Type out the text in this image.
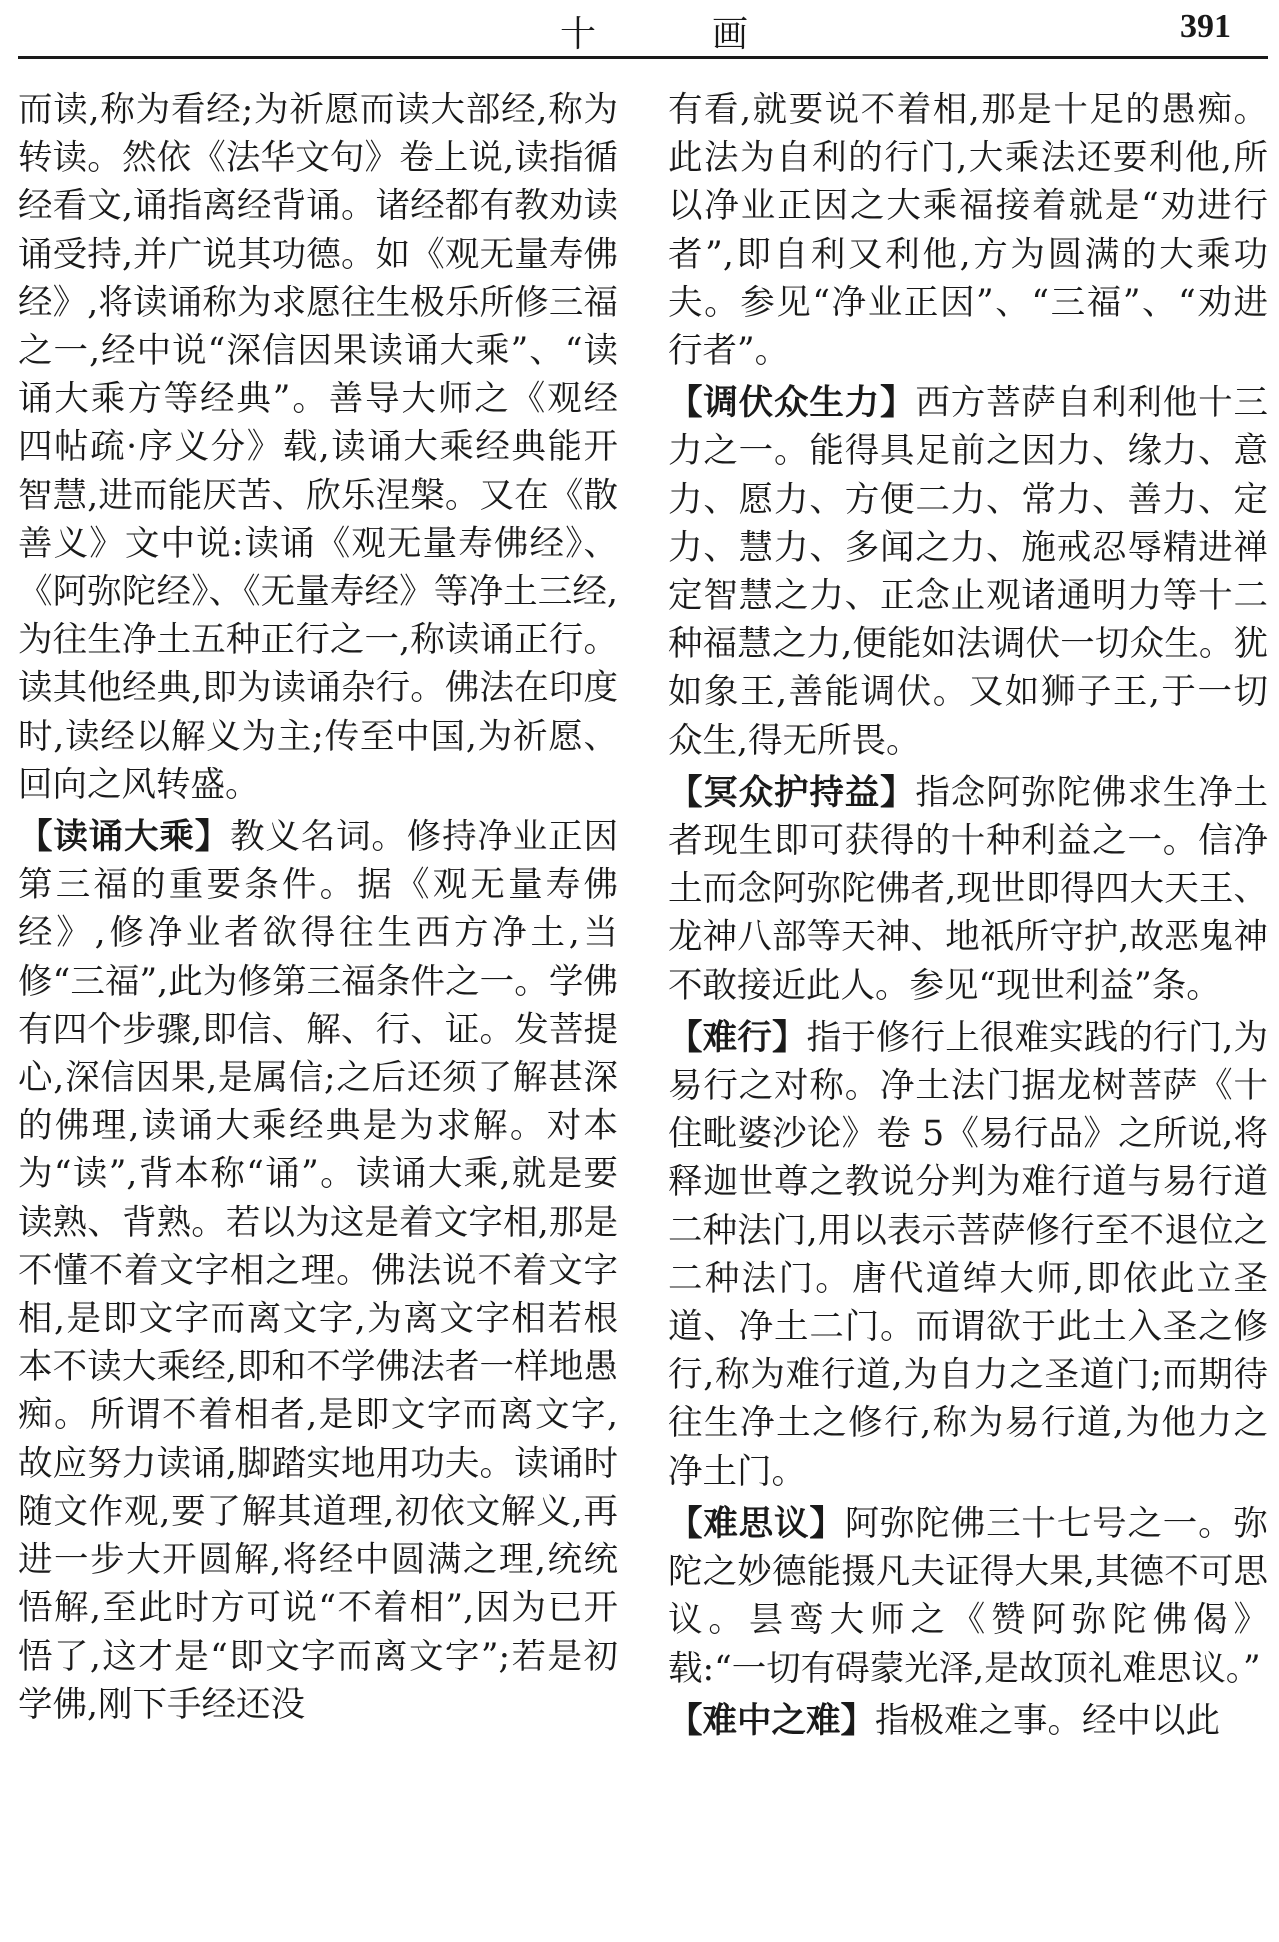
十　画	391

而读,称为看经;为祈愿而读大部经,称为转读。然依《法华文句》卷上说,读指循经看文,诵指离经背诵。诸经都有教劝读诵受持,并广说其功德。如《观无量寿佛经》,将读诵称为求愿往生极乐所修三福之一,经中说“深信因果读诵大乘”、“读诵大乘方等经典”。善导大师之《观经四帖疏·序义分》载,读诵大乘经典能开智慧,进而能厌苦、欣乐涅槃。又在《散善义》文中说:读诵《观无量寿佛经》、《阿弥陀经》、《无量寿经》等净土三经,为往生净土五种正行之一,称读诵正行。读其他经典,即为读诵杂行。佛法在印度时,读经以解义为主;传至中国,为祈愿、回向之风转盛。

【读诵大乘】教义名词。修持净业正因第三福的重要条件。据《观无量寿佛经》,修净业者欲得往生西方净土,当修“三福”,此为修第三福条件之一。学佛有四个步骤,即信、解、行、证。发菩提心,深信因果,是属信;之后还须了解甚深的佛理,读诵大乘经典是为求解。对本为“读”,背本称“诵”。读诵大乘,就是要读熟、背熟。若以为这是着文字相,那是不懂不着文字相之理。佛法说不着文字相,是即文字而离文字,为离文字相若根本不读大乘经,即和不学佛法者一样地愚痴。所谓不着相者,是即文字而离文字,故应努力读诵,脚踏实地用功夫。读诵时随文作观,要了解其道理,初依文解义,再进一步大开圆解,将经中圆满之理,统统悟解,至此时方可说“不着相”,因为已开悟了,这才是“即文字而离文字”;若是初学佛,刚下手经还没

有看,就要说不着相,那是十足的愚痴。此法为自利的行门,大乘法还要利他,所以净业正因之大乘福接着就是“劝进行者”,即自利又利他,方为圆满的大乘功夫。参见“净业正因”、“三福”、“劝进行者”。

【调伏众生力】西方菩萨自利利他十三力之一。能得具足前之因力、缘力、意力、愿力、方便二力、常力、善力、定力、慧力、多闻之力、施戒忍辱精进禅定智慧之力、正念止观诸通明力等十二种福慧之力,便能如法调伏一切众生。犹如象王,善能调伏。又如狮子王,于一切众生,得无所畏。

【冥众护持益】指念阿弥陀佛求生净土者现生即可获得的十种利益之一。信净土而念阿弥陀佛者,现世即得四大天王、龙神八部等天神、地祇所守护,故恶鬼神不敢接近此人。参见“现世利益”条。

【难行】指于修行上很难实践的行门,为易行之对称。净土法门据龙树菩萨《十住毗婆沙论》卷 5《易行品》之所说,将释迦世尊之教说分判为难行道与易行道二种法门,用以表示菩萨修行至不退位之二种法门。唐代道绰大师,即依此立圣道、净土二门。而谓欲于此土入圣之修行,称为难行道,为自力之圣道门;而期待往生净土之修行,称为易行道,为他力之净土门。

【难思议】阿弥陀佛三十七号之一。弥陀之妙德能摄凡夫证得大果,其德不可思议。昙鸾大师之《赞阿弥陀佛偈》载:“一切有碍蒙光泽,是故顶礼难思议。”

【难中之难】指极难之事。经中以此
